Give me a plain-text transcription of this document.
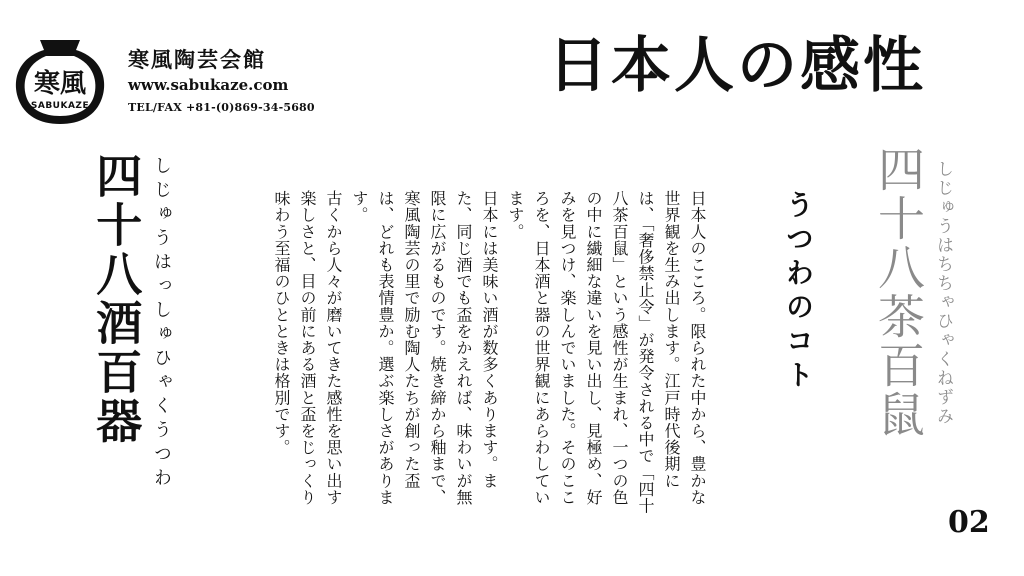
寒風
SABUKAZE
寒風陶芸会館
www.sabukaze.com
TEL/FAX +81-(0)869-34-5680
日本人の感性
四十八酒百器 しじゅうはっしゅひゃくうつわ	日本人のこころ。限られた中から、豊かな世界観を生み出します。江戸時代後期には、「奢侈禁止令」が発令される中で「四十八茶百鼠」という感性が生まれ、一つの色の中に繊細な違いを見い出し、見極め、好みを見つけ、楽しんでいました。そのこころを、日本酒と器の世界観にあらわしています。

日本には美味い酒が数多くあります。また、同じ酒でも盃をかえれば、味わいが無限に広がるものです。焼き締から釉まで、寒風陶芸の里で励む陶人たちが創った盃は、どれも表情豊か。選ぶ楽しさがあります。

古くから人々が磨いてきた感性を思い出す楽しさと、目の前にある酒と盃をじっくり味わう至福のひとときは格別です。	うつわのコト 四十八茶百鼠 しじゅうはちちゃひゃくねずみ
02
